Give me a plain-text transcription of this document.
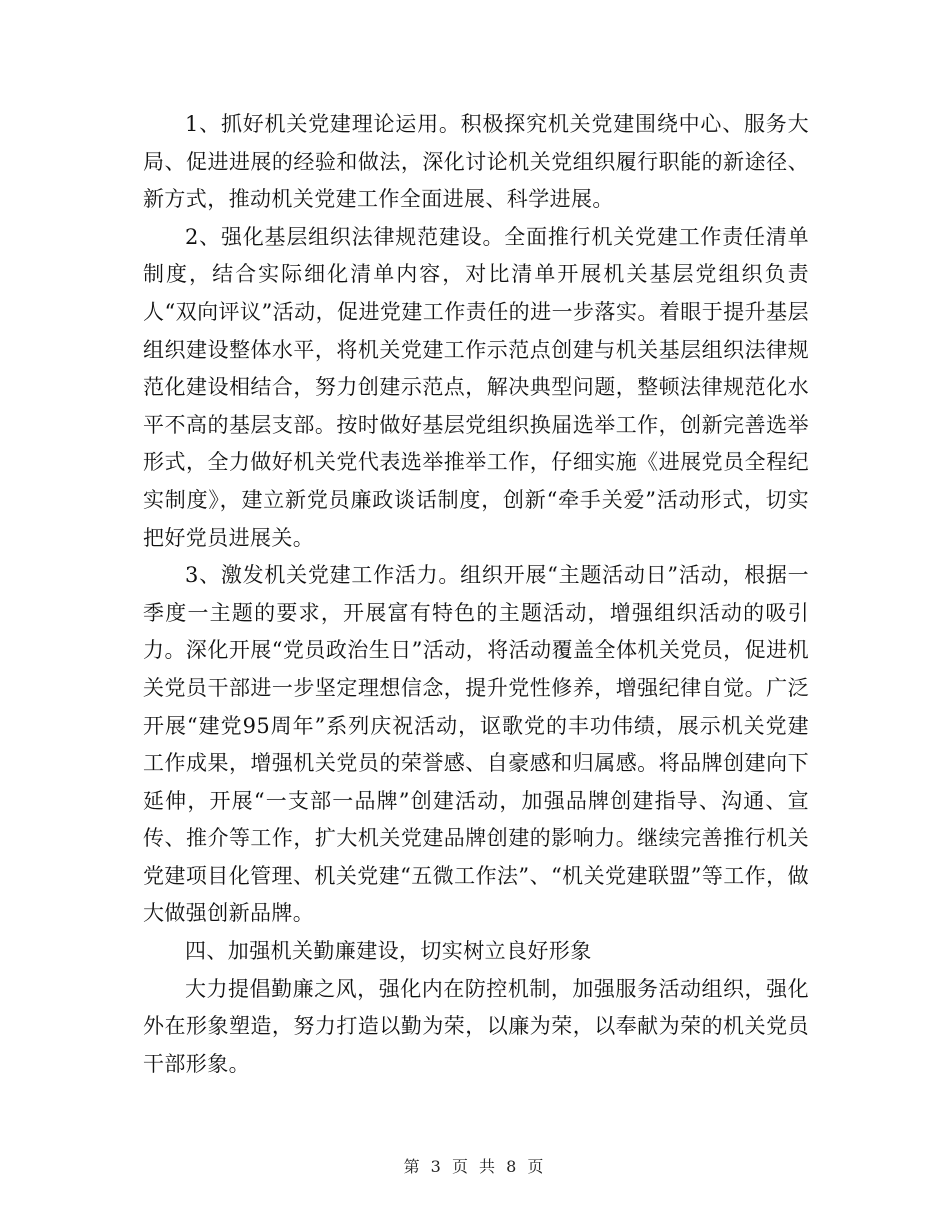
1、抓好机关党建理论运用。积极探究机关党建围绕中心、服务大局、促进进展的经验和做法，深化讨论机关党组织履行职能的新途径、新方式，推动机关党建工作全面进展、科学进展。

2、强化基层组织法律规范建设。全面推行机关党建工作责任清单制度，结合实际细化清单内容，对比清单开展机关基层党组织负责人“双向评议”活动，促进党建工作责任的进一步落实。着眼于提升基层组织建设整体水平，将机关党建工作示范点创建与机关基层组织法律规范化建设相结合，努力创建示范点，解决典型问题，整顿法律规范化水平不高的基层支部。按时做好基层党组织换届选举工作，创新完善选举形式，全力做好机关党代表选举推举工作，仔细实施《进展党员全程纪实制度》，建立新党员廉政谈话制度，创新“牵手关爱”活动形式，切实把好党员进展关。

3、激发机关党建工作活力。组织开展“主题活动日”活动，根据一季度一主题的要求，开展富有特色的主题活动，增强组织活动的吸引力。深化开展“党员政治生日”活动，将活动覆盖全体机关党员，促进机关党员干部进一步坚定理想信念，提升党性修养，增强纪律自觉。广泛开展“建党95周年”系列庆祝活动，讴歌党的丰功伟绩，展示机关党建工作成果，增强机关党员的荣誉感、自豪感和归属感。将品牌创建向下延伸，开展“一支部一品牌”创建活动，加强品牌创建指导、沟通、宣传、推介等工作，扩大机关党建品牌创建的影响力。继续完善推行机关党建项目化管理、机关党建“五微工作法”、“机关党建联盟”等工作，做大做强创新品牌。

四、加强机关勤廉建设，切实树立良好形象

大力提倡勤廉之风，强化内在防控机制，加强服务活动组织，强化外在形象塑造，努力打造以勤为荣，以廉为荣，以奉献为荣的机关党员干部形象。

第 3 页 共 8 页
